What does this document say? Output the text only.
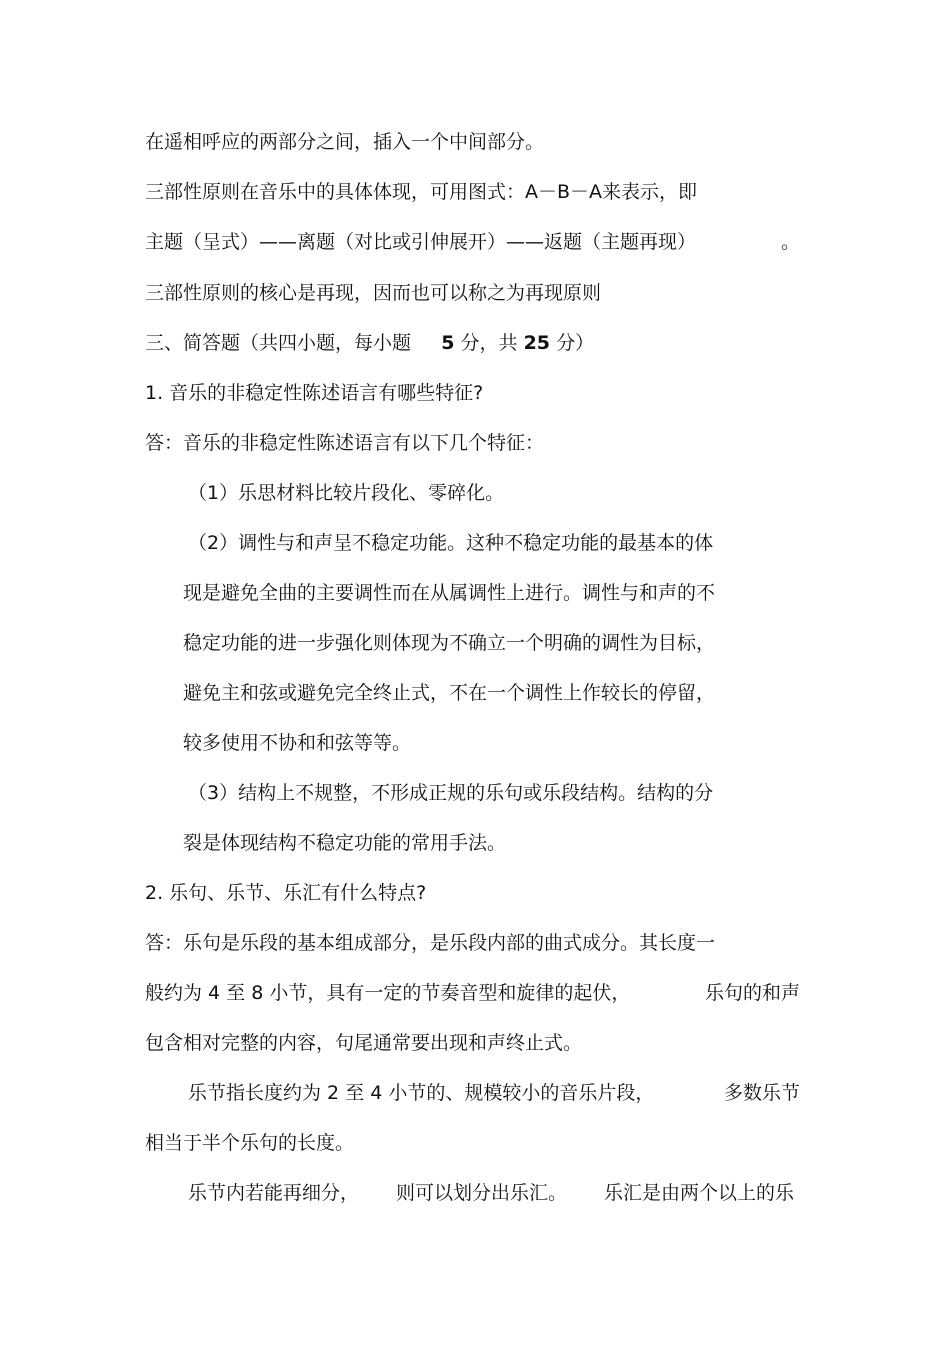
在遥相呼应的两部分之间，插入一个中间部分。

三部性原则在音乐中的具体体现，可用图式：A－B－A来表示，即

主题（呈式）——离题（对比或引伸展开）——返题（主题再现）	。

三部性原则的核心是再现，因而也可以称之为再现原则

三、简答题（共四小题，每小题 5 分，共 25 分）

1. 音乐的非稳定性陈述语言有哪些特征?

答：音乐的非稳定性陈述语言有以下几个特征：

（1）乐思材料比较片段化、零碎化。

（2）调性与和声呈不稳定功能。这种不稳定功能的最基本的体

现是避免全曲的主要调性而在从属调性上进行。调性与和声的不

稳定功能的进一步强化则体现为不确立一个明确的调性为目标，

避免主和弦或避免完全终止式，不在一个调性上作较长的停留，

较多使用不协和和弦等等。

（3）结构上不规整，不形成正规的乐句或乐段结构。结构的分

裂是体现结构不稳定功能的常用手法。

2. 乐句、乐节、乐汇有什么特点?

答：乐句是乐段的基本组成部分，是乐段内部的曲式成分。其长度一

般约为 4 至 8 小节，具有一定的节奏音型和旋律的起伏，	乐句的和声

包含相对完整的内容，句尾通常要出现和声终止式。

乐节指长度约为 2 至 4 小节的、规模较小的音乐片段，	多数乐节

相当于半个乐句的长度。

乐节内若能再细分， 则可以划分出乐汇。 乐汇是由两个以上的乐
